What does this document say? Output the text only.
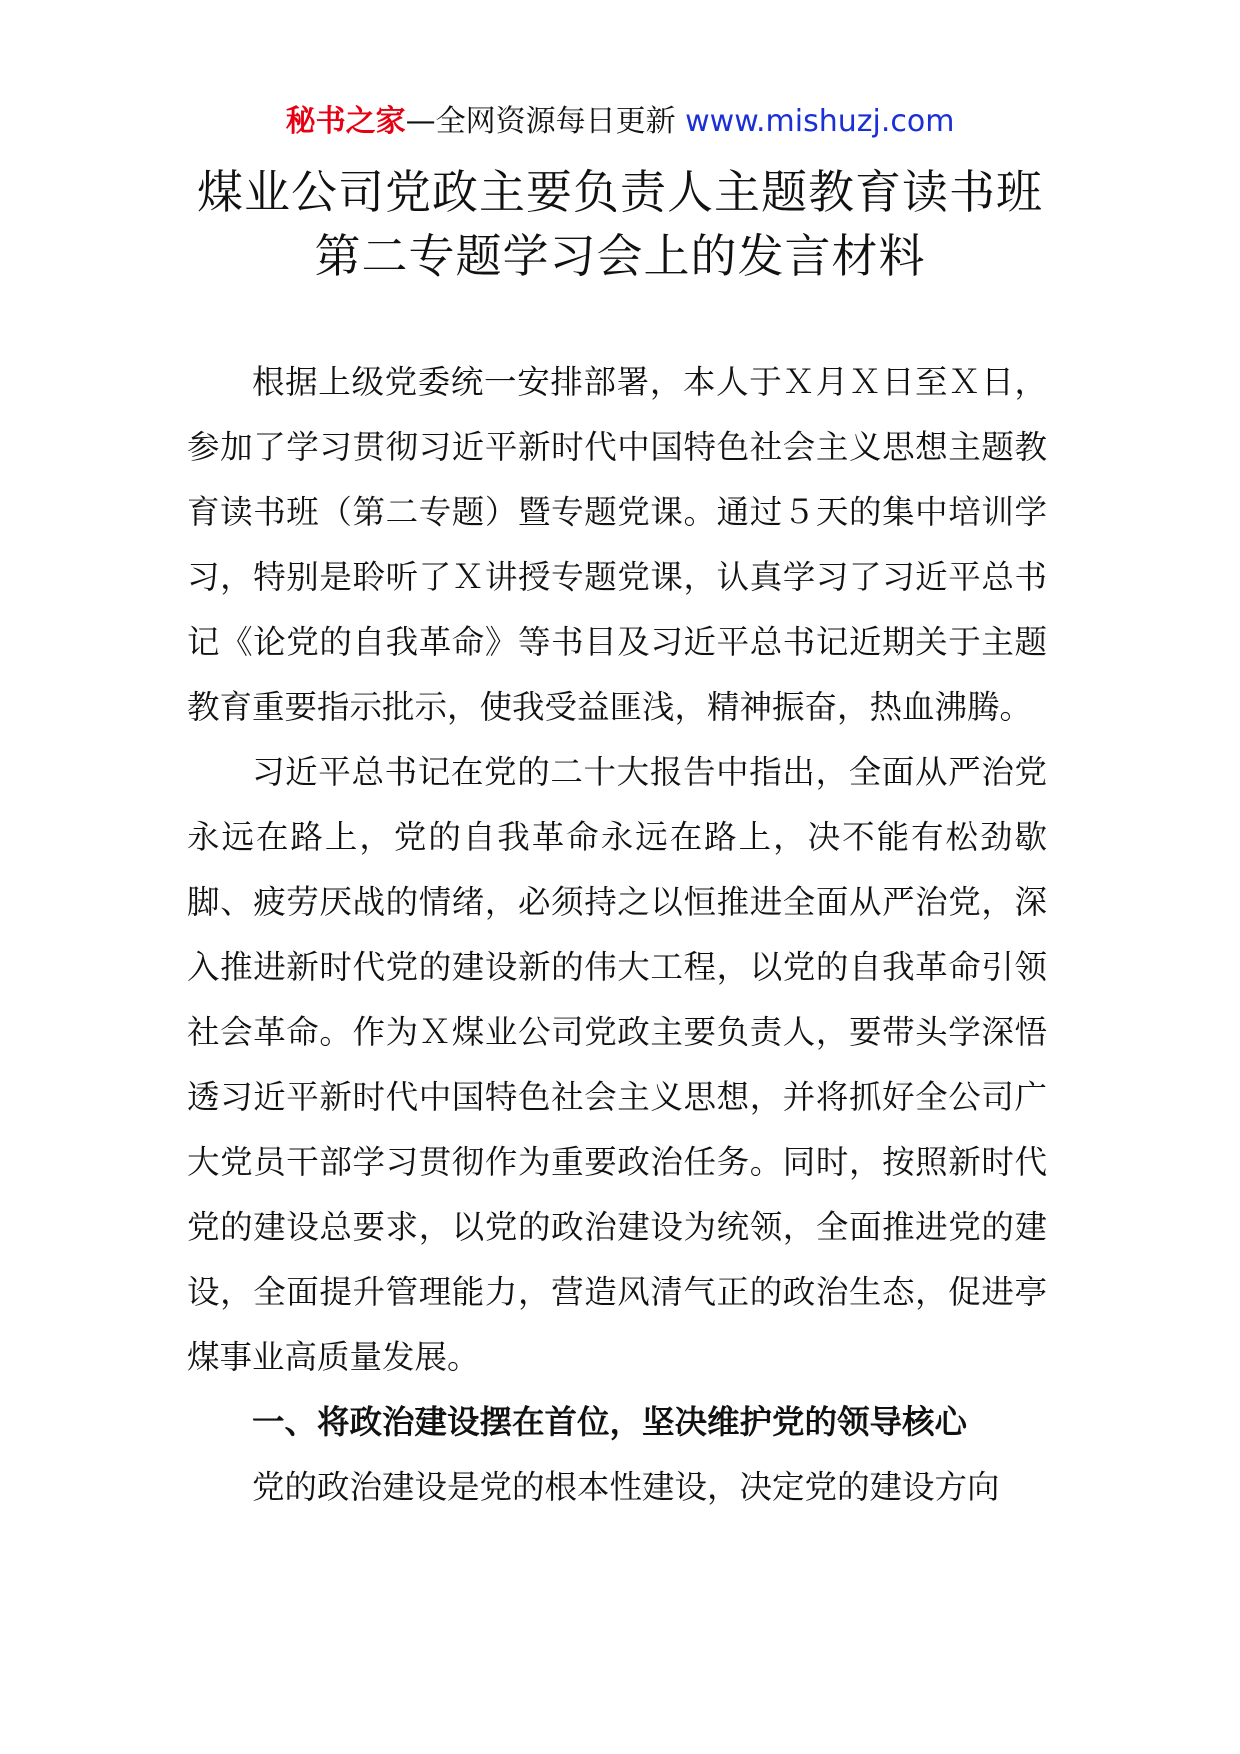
秘书之家—全网资源每日更新 www.mishuzj.com
煤业公司党政主要负责人主题教育读书班
第二专题学习会上的发言材料

根据上级党委统一安排部署，本人于Ｘ月Ｘ日至Ｘ日，参加了学习贯彻习近平新时代中国特色社会主义思想主题教育读书班（第二专题）暨专题党课。通过５天的集中培训学习，特别是聆听了Ｘ讲授专题党课，认真学习了习近平总书记《论党的自我革命》等书目及习近平总书记近期关于主题教育重要指示批示，使我受益匪浅，精神振奋，热血沸腾。

习近平总书记在党的二十大报告中指出，全面从严治党永远在路上，党的自我革命永远在路上，决不能有松劲歇脚、疲劳厌战的情绪，必须持之以恒推进全面从严治党，深入推进新时代党的建设新的伟大工程，以党的自我革命引领社会革命。作为Ｘ煤业公司党政主要负责人，要带头学深悟透习近平新时代中国特色社会主义思想，并将抓好全公司广大党员干部学习贯彻作为重要政治任务。同时，按照新时代党的建设总要求，以党的政治建设为统领，全面推进党的建设，全面提升管理能力，营造风清气正的政治生态，促进亭煤事业高质量发展。

一、将政治建设摆在首位，坚决维护党的领导核心

党的政治建设是党的根本性建设，决定党的建设方向
